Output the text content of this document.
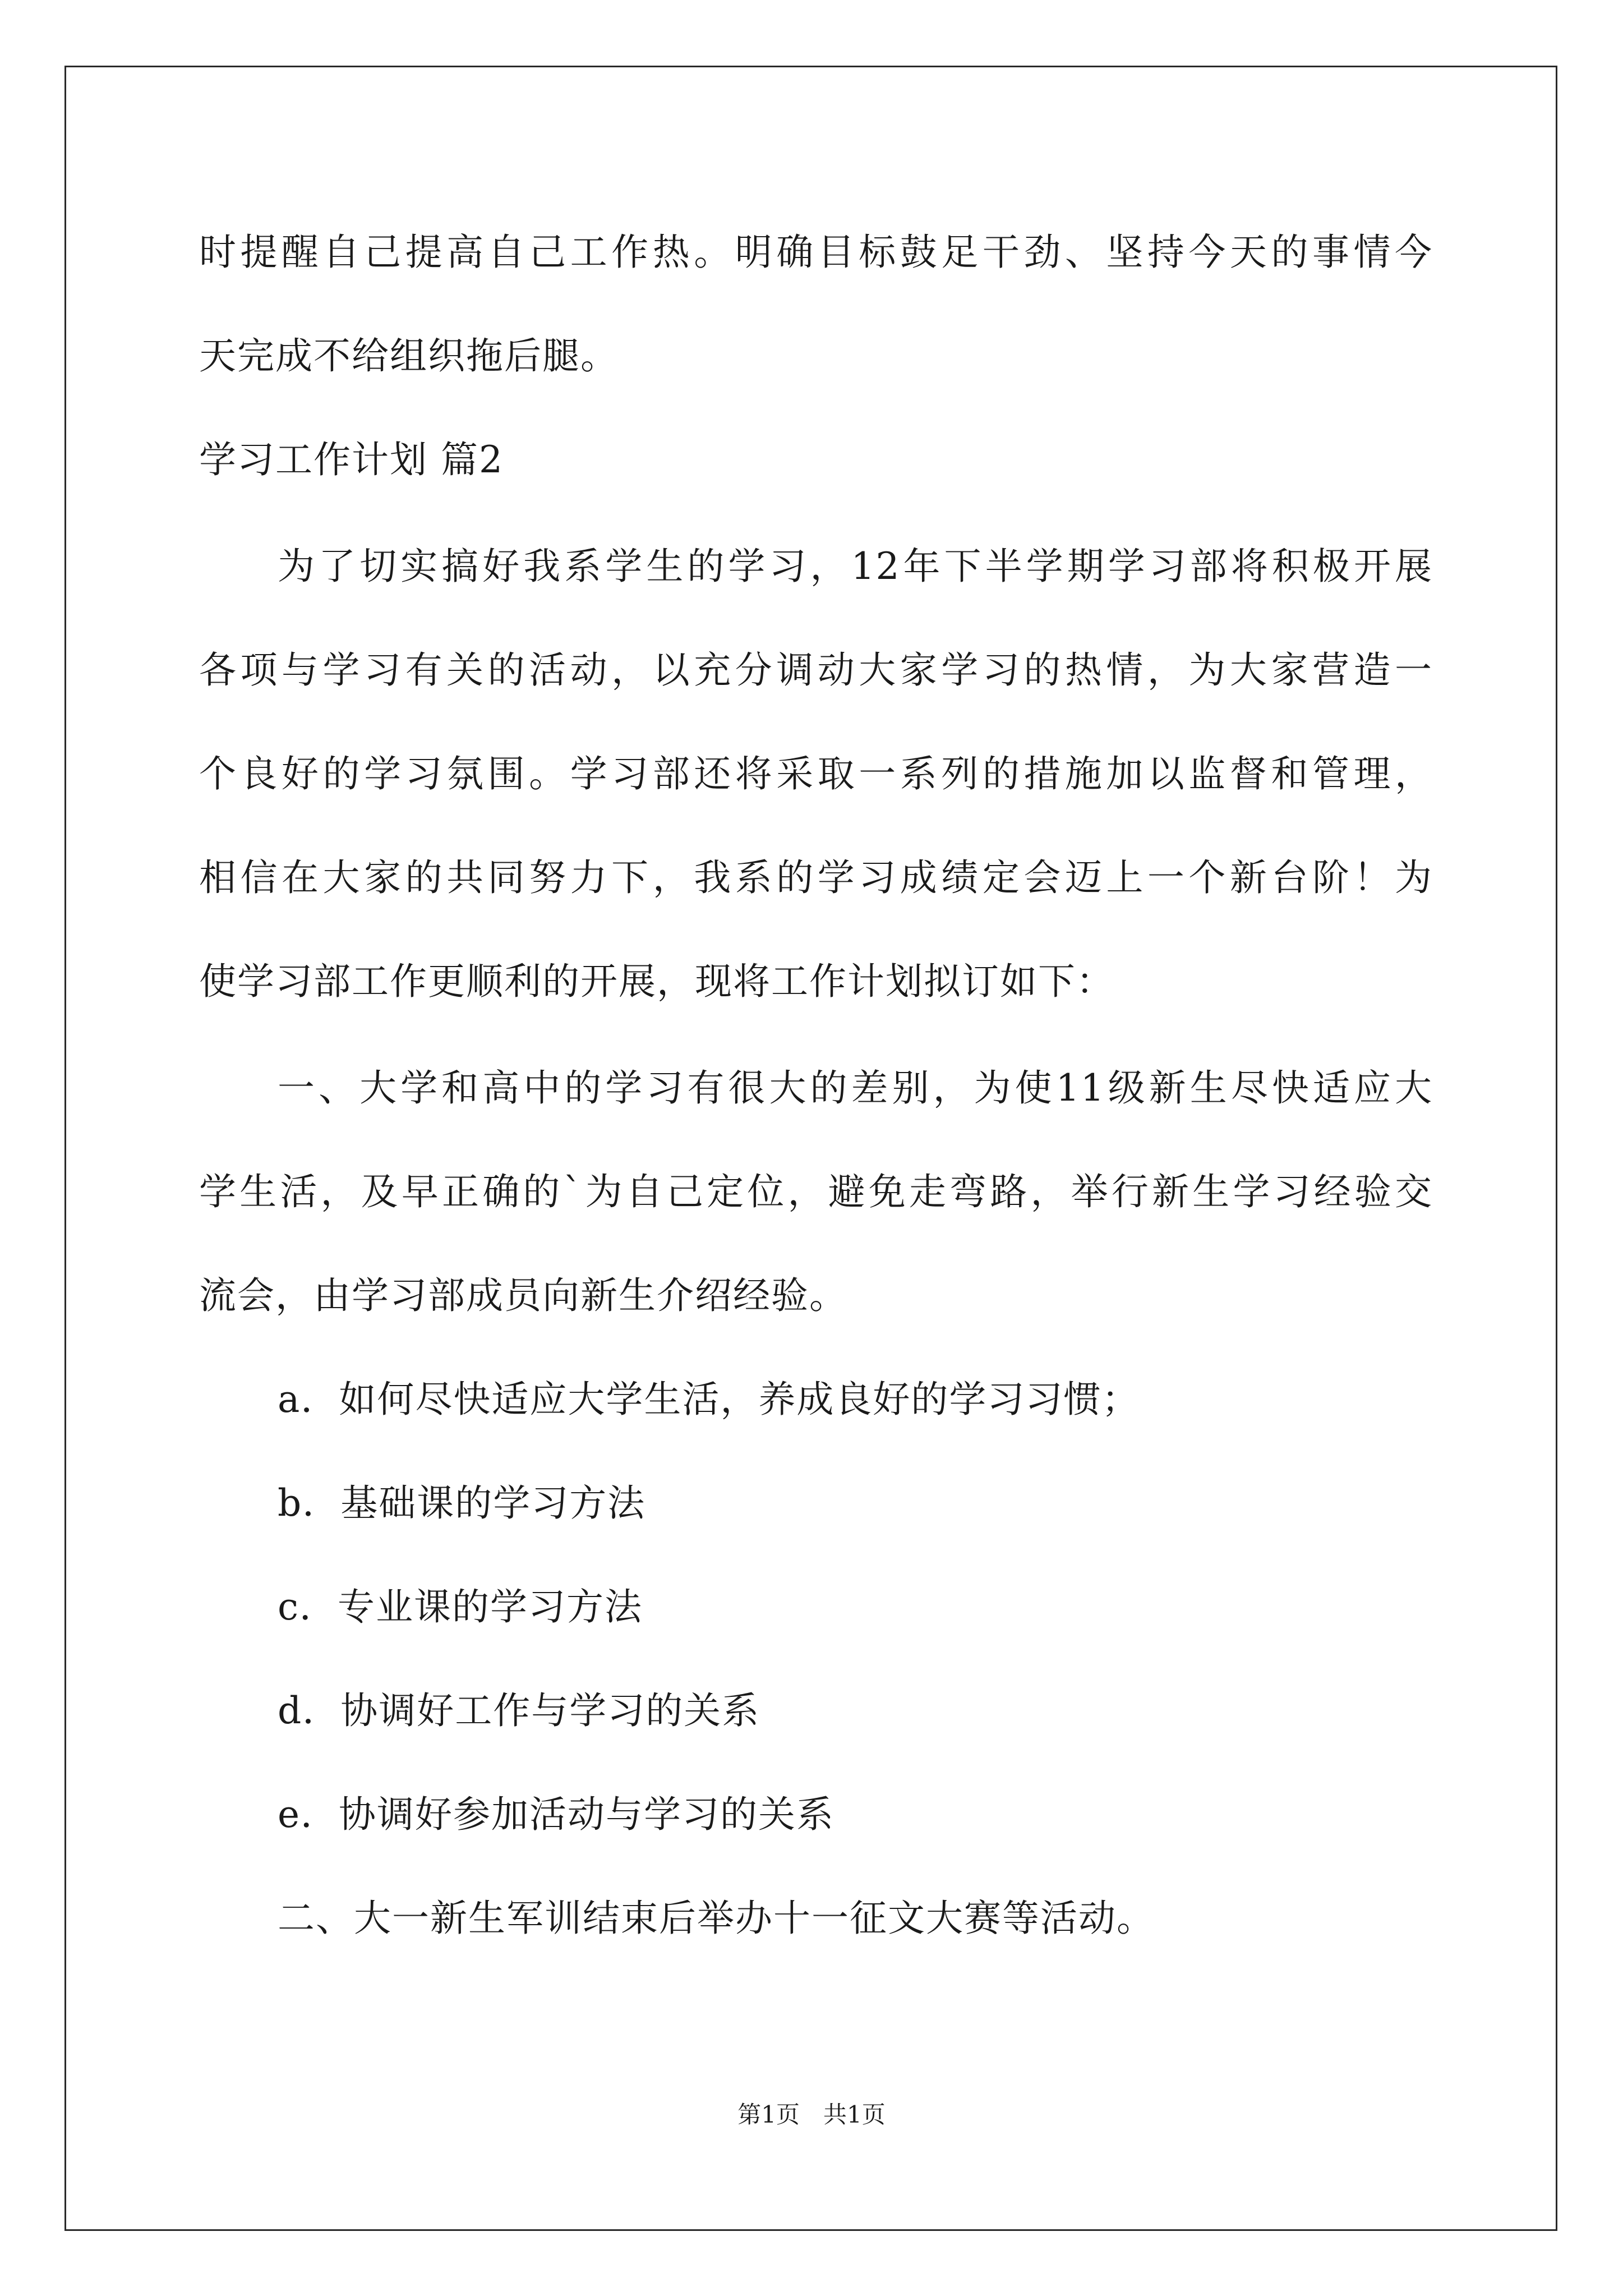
时提醒自己提高自己工作热。明确目标鼓足干劲、坚持今天的事情今
天完成不给组织拖后腿。
学习工作计划 篇2
为了切实搞好我系学生的学习，12年下半学期学习部将积极开展
各项与学习有关的活动，以充分调动大家学习的热情，为大家营造一
个良好的学习氛围。学习部还将采取一系列的措施加以监督和管理，
相信在大家的共同努力下，我系的学习成绩定会迈上一个新台阶！为
使学习部工作更顺利的开展，现将工作计划拟订如下：
一、大学和高中的学习有很大的差别，为使11级新生尽快适应大
学生活，及早正确的`为自己定位，避免走弯路，举行新生学习经验交
流会，由学习部成员向新生介绍经验。
a．如何尽快适应大学生活，养成良好的学习习惯；
b．基础课的学习方法
c．专业课的学习方法
d．协调好工作与学习的关系
e．协调好参加活动与学习的关系
二、大一新生军训结束后举办十一征文大赛等活动。
第1页　共1页
